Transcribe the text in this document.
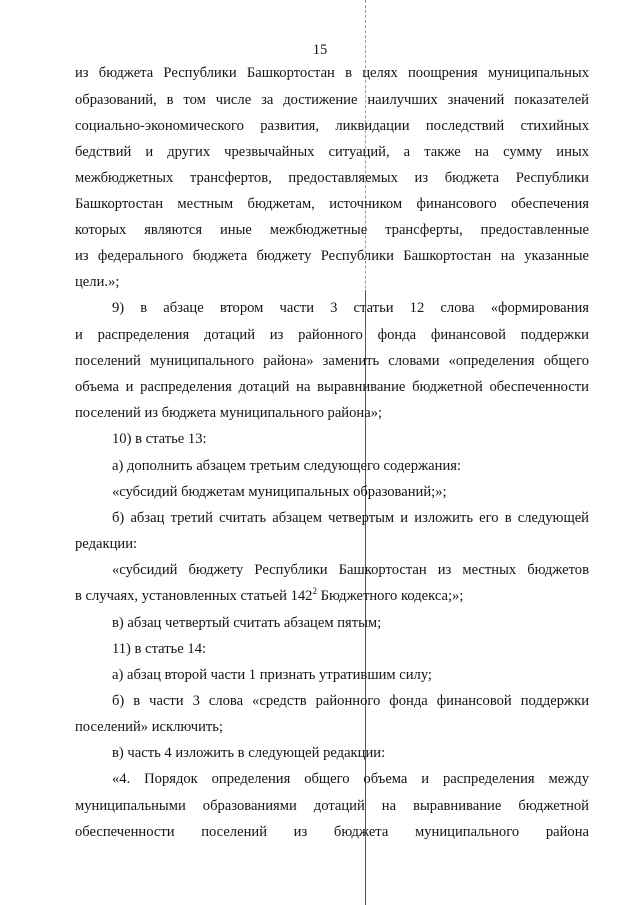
15
из бюджета Республики Башкортостан в целях поощрения муниципальных
образований, в том числе за достижение наилучших значений показателей
социально-экономического развития, ликвидации последствий стихийных
бедствий и других чрезвычайных ситуаций, а также на сумму иных
межбюджетных трансфертов, предоставляемых из бюджета Республики
Башкортостан местным бюджетам, источником финансового обеспечения
которых являются иные межбюджетные трансферты, предоставленные
из федерального бюджета бюджету Республики Башкортостан на указанные
цели.»;
9) в абзаце втором части 3 статьи 12 слова «формирования
и распределения дотаций из районного фонда финансовой поддержки
поселений муниципального района» заменить словами «определения общего
объема и распределения дотаций на выравнивание бюджетной обеспеченности
поселений из бюджета муниципального района»;
10) в статье 13:
а) дополнить абзацем третьим следующего содержания:
«субсидий бюджетам муниципальных образований;»;
б) абзац третий считать абзацем четвертым и изложить его в следующей
редакции:
«субсидий бюджету Республики Башкортостан из местных бюджетов
в случаях, установленных статьей $142^2$ Бюджетного кодекса;»;
в) абзац четвертый считать абзацем пятым;
11) в статье 14:
а) абзац второй части 1 признать утратившим силу;
б) в части 3 слова «средств районного фонда финансовой поддержки
поселений» исключить;
в) часть 4 изложить в следующей редакции:
«4. Порядок определения общего объема и распределения между
муниципальными образованиями дотаций на выравнивание бюджетной
обеспеченности поселений из бюджета муниципального района
